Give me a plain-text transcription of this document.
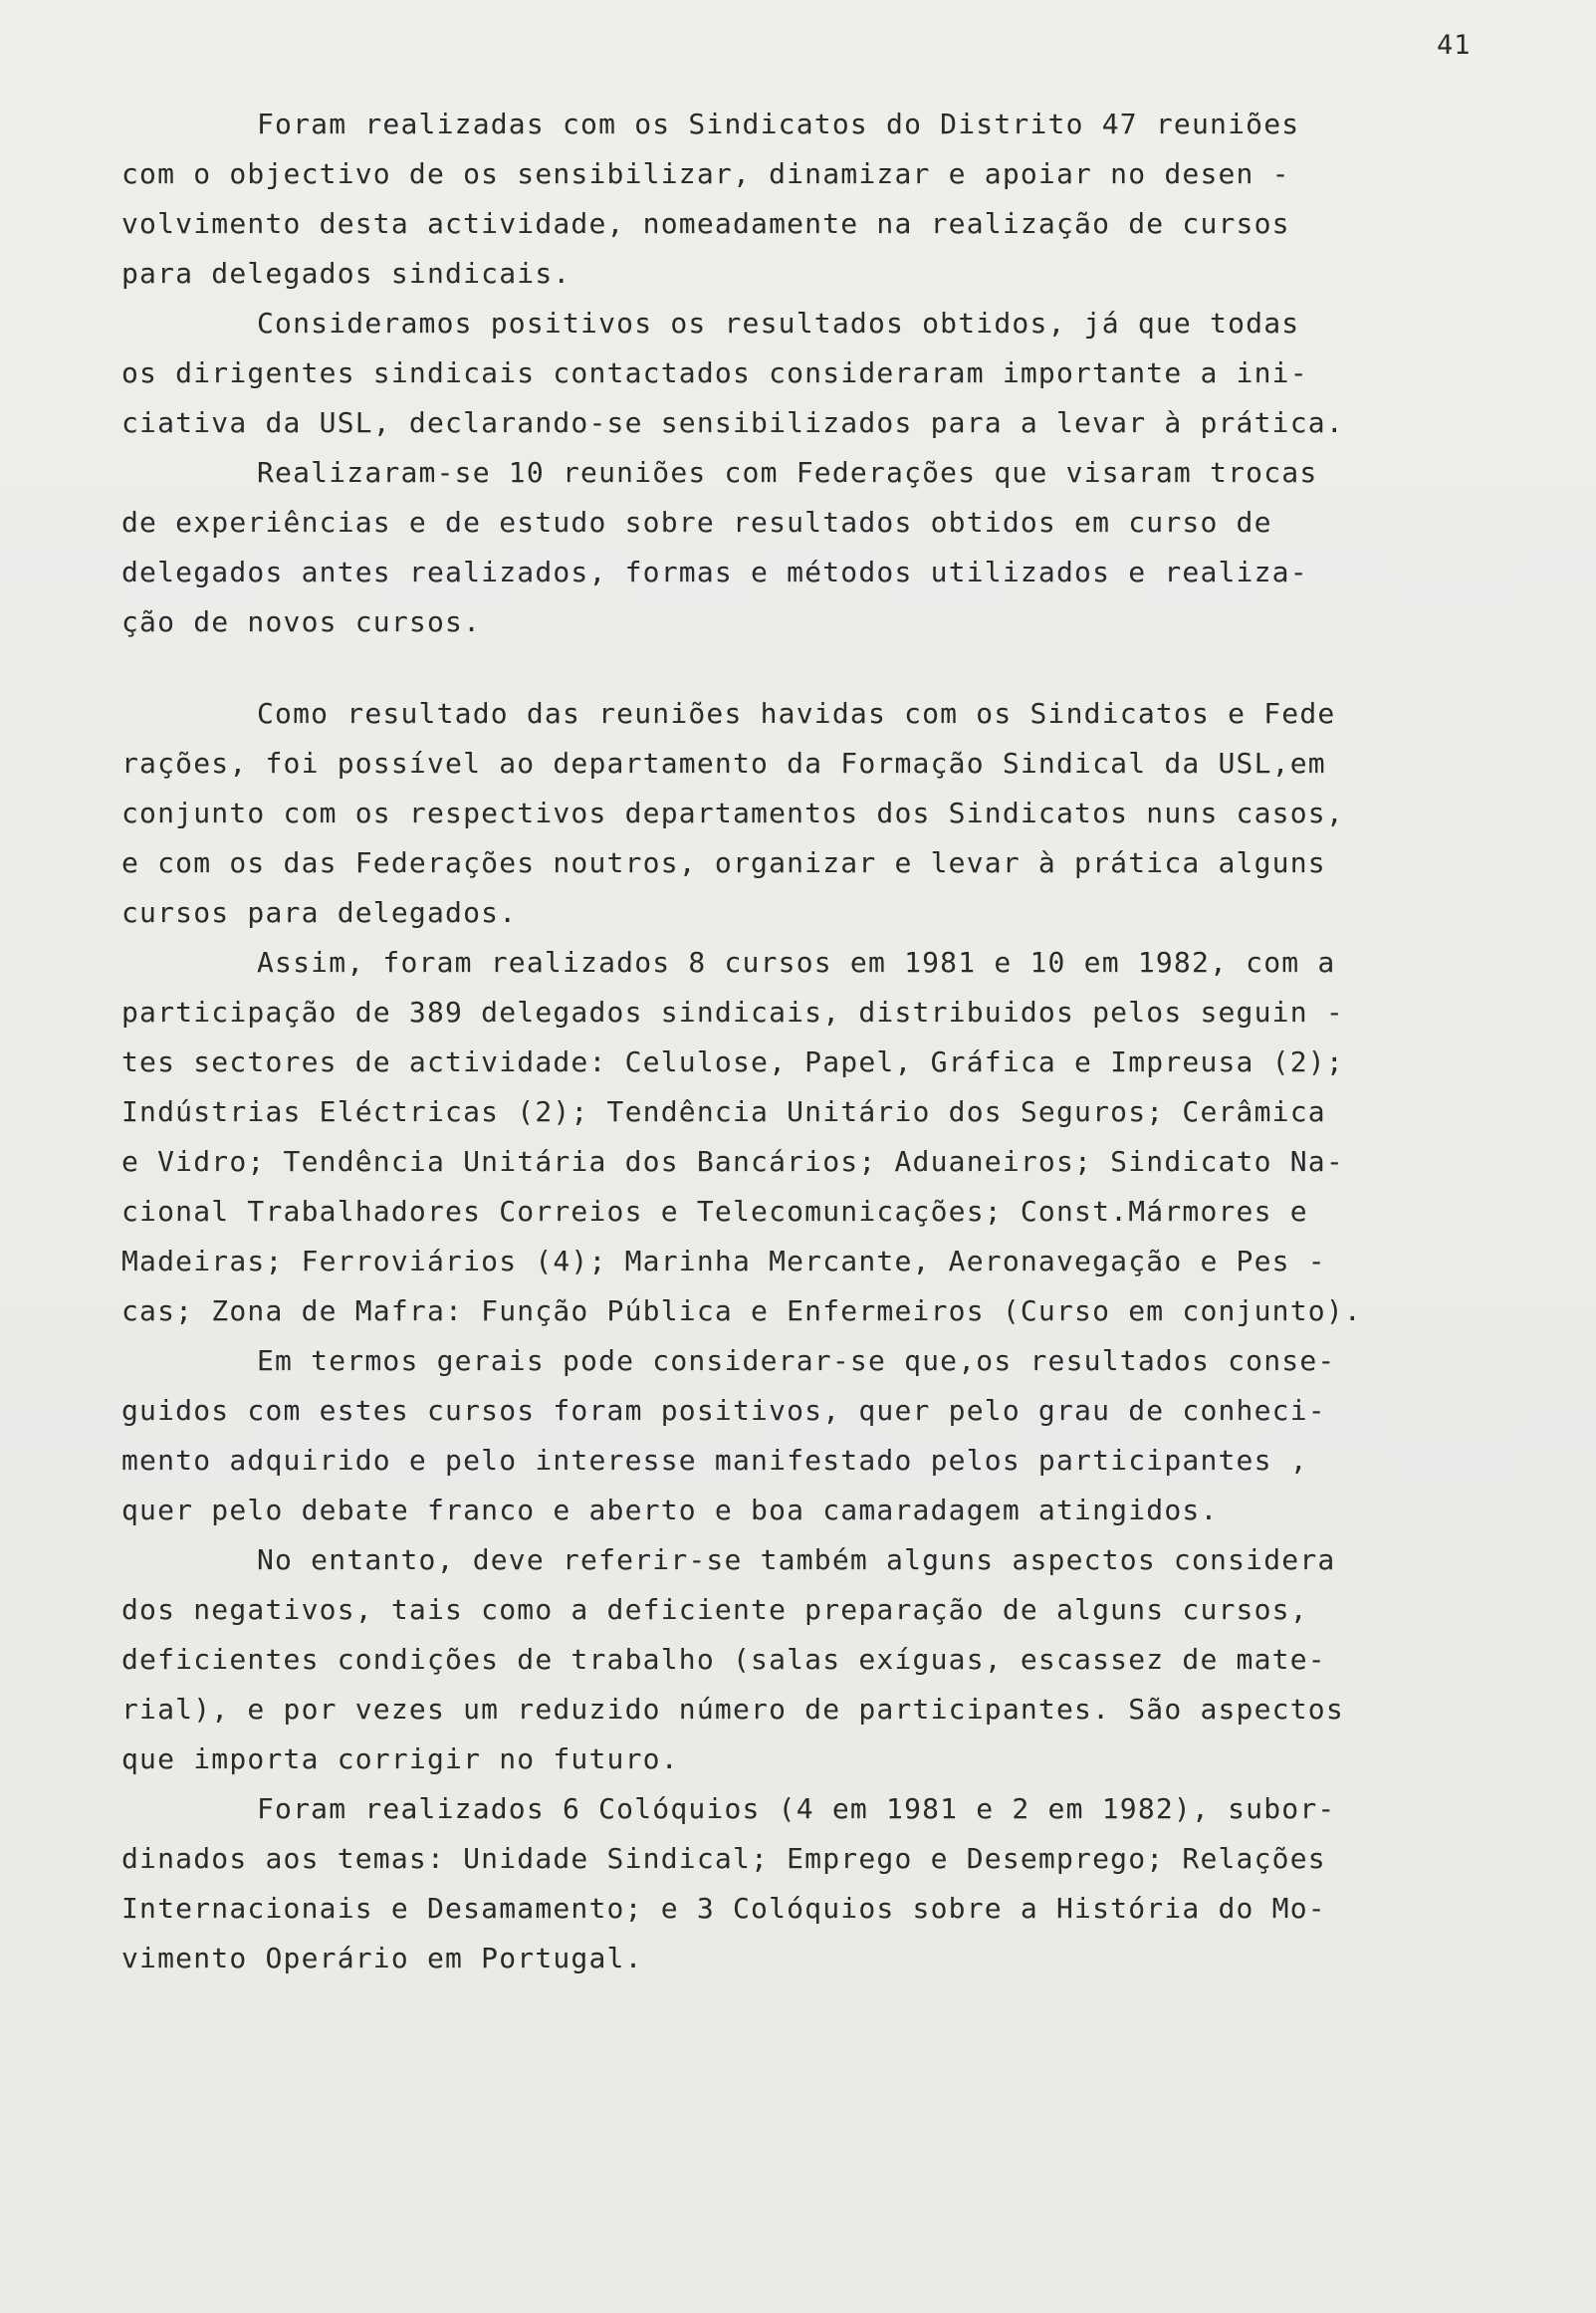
41
Foram realizadas com os Sindicatos do Distrito 47 reuniões
com o objectivo de os sensibilizar, dinamizar e apoiar no desen -
volvimento desta actividade, nomeadamente na realização de cursos
para delegados sindicais.
Consideramos positivos os resultados obtidos, já que todas
os dirigentes sindicais contactados consideraram importante a ini-
ciativa da USL, declarando-se sensibilizados para a levar à prática.
Realizaram-se 10 reuniões com Federações que visaram trocas
de experiências e de estudo sobre resultados obtidos em curso de
delegados antes realizados, formas e métodos utilizados e realiza-
ção de novos cursos.
Como resultado das reuniões havidas com os Sindicatos e Fede
rações, foi possível ao departamento da Formação Sindical da USL,em
conjunto com os respectivos departamentos dos Sindicatos nuns casos,
e com os das Federações noutros, organizar e levar à prática alguns
cursos para delegados.
Assim, foram realizados 8 cursos em 1981 e 10 em 1982, com a
participação de 389 delegados sindicais, distribuidos pelos seguin -
tes sectores de actividade: Celulose, Papel, Gráfica e Impreusa (2);
Indústrias Eléctricas (2); Tendência Unitário dos Seguros; Cerâmica
e Vidro; Tendência Unitária dos Bancários; Aduaneiros; Sindicato Na-
cional Trabalhadores Correios e Telecomunicações; Const.Mármores e
Madeiras; Ferroviários (4); Marinha Mercante, Aeronavegação e Pes -
cas; Zona de Mafra: Função Pública e Enfermeiros (Curso em conjunto).
Em termos gerais pode considerar-se que,os resultados conse-
guidos com estes cursos foram positivos, quer pelo grau de conheci-
mento adquirido e pelo interesse manifestado pelos participantes ,
quer pelo debate franco e aberto e boa camaradagem atingidos.
No entanto, deve referir-se também alguns aspectos considera
dos negativos, tais como a deficiente preparação de alguns cursos,
deficientes condições de trabalho (salas exíguas, escassez de mate-
rial), e por vezes um reduzido número de participantes. São aspectos
que importa corrigir no futuro.
Foram realizados 6 Colóquios (4 em 1981 e 2 em 1982), subor-
dinados aos temas: Unidade Sindical; Emprego e Desemprego; Relações
Internacionais e Desamamento; e 3 Colóquios sobre a História do Mo-
vimento Operário em Portugal.
